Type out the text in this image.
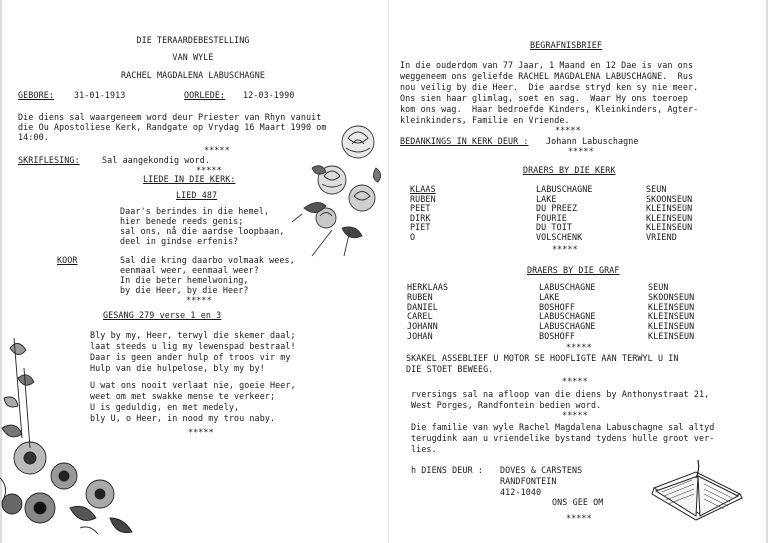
DIE TERAARDEBESTELLING
VAN WYLE
RACHEL MAGDALENA LABUSCHAGNE
GEBORE: 31-01-1913	OORLEDE: 12-03-1990
Die diens sal waargeneem word deur Priester van Rhyn vanuit
die Ou Apostoliese Kerk, Randgate op Vrydag 16 Maart 1990 om
14:00.
*****
SKRIFLESING:	Sal aangekondig word.
*****
LIEDE IN DIE KERK:
LIED 487
Daar's berindes in die hemel,
hier benede reeds genis;
sal ons, nå die aardse loopbaan,
deel in gindse erfenis?
KOOR	Sal die kring daarbo volmaak wees,
eenmaal weer, eenmaal weer?
In die beter hemelwoning,
by die Heer, by die Heer?
*****
GESANG 279 verse 1 en 3
Bly by my, Heer, terwyl die skemer daal;
laat steeds u lig my lewenspad bestraal!
Daar is geen ander hulp of troos vir my
Hulp van die hulpelose, bly my by!
U wat ons nooit verlaat nie, goeie Heer,
weet om met swakke mense te verkeer;
U is geduldig, en met medely,
bly U, o Heer, in nood my trou naby.
*****
BEGRAFNISBRIEF
In die ouderdom van 77 Jaar, 1 Maand en 12 Dae is van ons
weggeneem ons geliefde RACHEL MAGDALENA LABUSCHAGNE.  Rus
nou veilig by die Heer.  Die aardse stryd ken sy nie meer.
Ons sien haar glimlag, soet en sag.  Waar Hy ons toeroep
kom ons wag.  Haar bedroefde Kinders, Kleinkinders, Agter-
kleinkinders, Familie en Vriende.
*****
BEDANKINGS IN KERK DEUR : Johann Labuschagne
*****
DRAERS BY DIE KERK
KLAAS	LABUSCHAGNE	SEUN
RUBEN	LAKE	SKOONSEUN
PEET	DU PREEZ	KLEINSEUN
DIRK	FOURIE	KLEINSEUN
PIET	DU TOIT	KLEINSEUN
O	VOLSCHENK	VRIEND
*****
DRAERS BY DIE GRAF
HERKLAAS	LABUSCHAGNE	SEUN
RUBEN	LAKE	SKOONSEUN
DANIEL	BOSHOFF	KLEINSEUN
CAREL	LABUSCHAGNE	KLEINSEUN
JOHANN	LABUSCHAGNE	KLEINSEUN
JOHAN	BOSHOFF	KLEINSEUN
*****
SKAKEL ASSEBLIEF U MOTOR SE HOOFLIGTE AAN TERWYL U IN
DIE STOET BEWEEG.
*****
rversings sal na afloop van die diens by Anthonystraat 21,
West Porges, Randfontein bedien word.
*****
Die familie van wyle Rachel Magdalena Labuschagne sal altyd
terugdink aan u vriendelike bystand tydens hulle groot ver-
lies.
h DIENS DEUR : DOVES & CARSTENS
RANDFONTEIN
412-1040
ONS GEE OM
*****
